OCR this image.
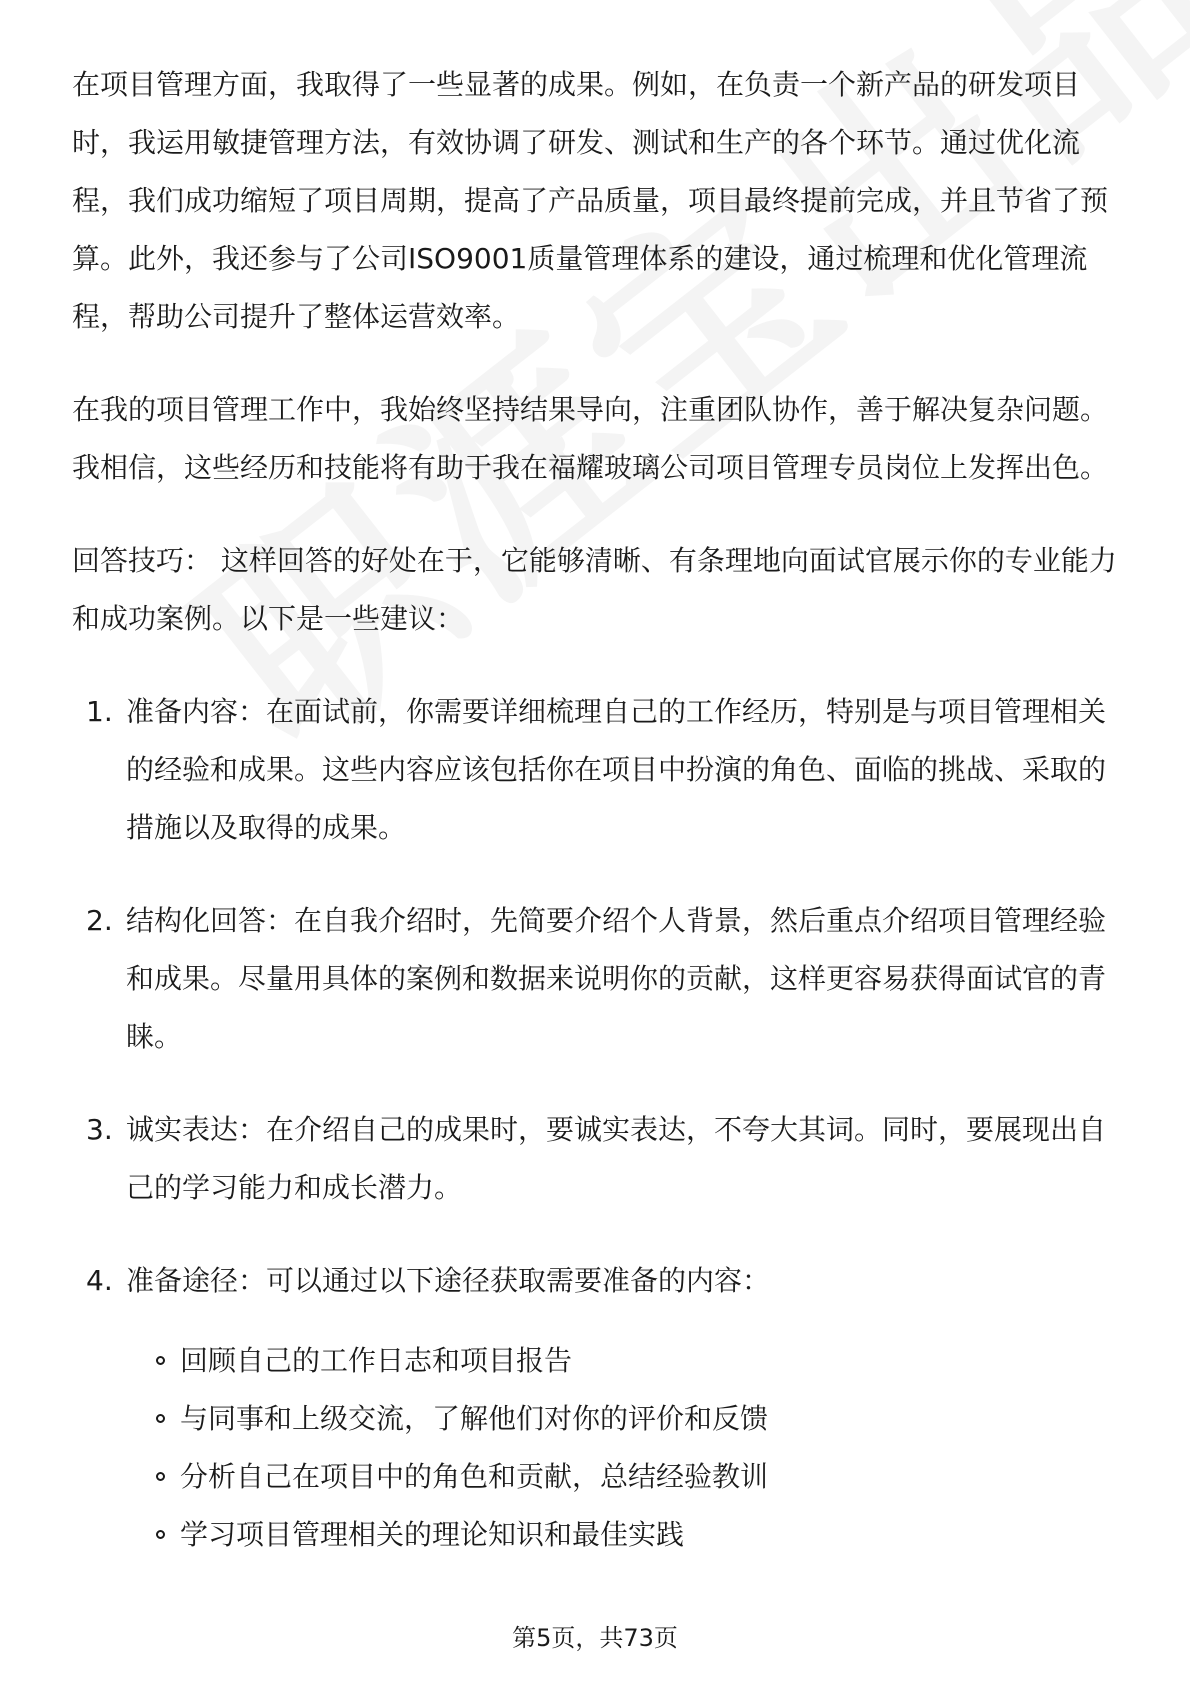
在项目管理方面，我取得了一些显著的成果。例如，在负责一个新产品的研发项目时，我运用敏捷管理方法，有效协调了研发、测试和生产的各个环节。通过优化流程，我们成功缩短了项目周期，提高了产品质量，项目最终提前完成，并且节省了预算。此外，我还参与了公司ISO9001质量管理体系的建设，通过梳理和优化管理流程，帮助公司提升了整体运营效率。

在我的项目管理工作中，我始终坚持结果导向，注重团队协作，善于解决复杂问题。我相信，这些经历和技能将有助于我在福耀玻璃公司项目管理专员岗位上发挥出色。

回答技巧： 这样回答的好处在于，它能够清晰、有条理地向面试官展示你的专业能力和成功案例。以下是一些建议：

1. 准备内容：在面试前，你需要详细梳理自己的工作经历，特别是与项目管理相关的经验和成果。这些内容应该包括你在项目中扮演的角色、面临的挑战、采取的措施以及取得的成果。
2. 结构化回答：在自我介绍时，先简要介绍个人背景，然后重点介绍项目管理经验和成果。尽量用具体的案例和数据来说明你的贡献，这样更容易获得面试官的青睐。
3. 诚实表达：在介绍自己的成果时，要诚实表达，不夸大其词。同时，要展现出自己的学习能力和成长潜力。
4. 准备途径：可以通过以下途径获取需要准备的内容：
回顾自己的工作日志和项目报告
与同事和上级交流，了解他们对你的评价和反馈
分析自己在项目中的角色和贡献，总结经验教训
学习项目管理相关的理论知识和最佳实践
第5页，共73页
